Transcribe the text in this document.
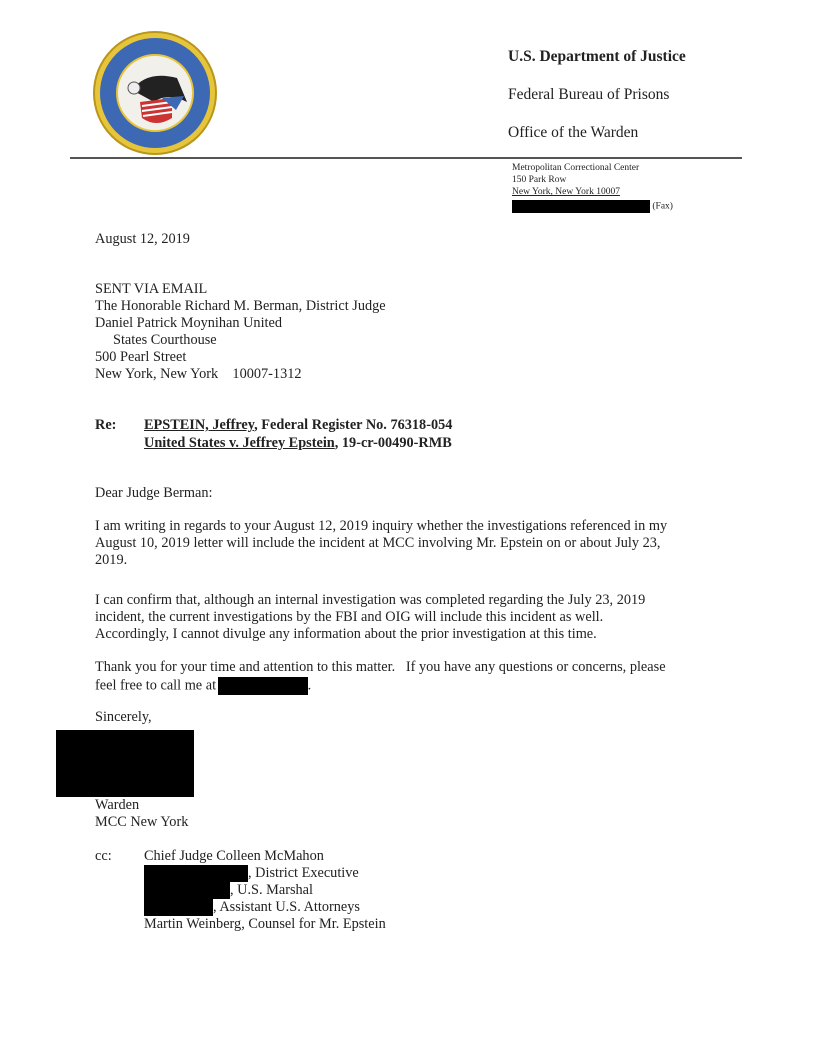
U.S. Department of Justice
Federal Bureau of Prisons
Office of the Warden
Metropolitan Correctional Center
150 Park Row
New York, New York 10007
(Fax)
August 12, 2019
SENT VIA EMAIL
The Honorable Richard M. Berman, District Judge
Daniel Patrick Moynihan United
States Courthouse
500 Pearl Street
New York, New York    10007-1312
Re: EPSTEIN, Jeffrey, Federal Register No. 76318-054
United States v. Jeffrey Epstein, 19-cr-00490-RMB
Dear Judge Berman:
I am writing in regards to your August 12, 2019 inquiry whether the investigations referenced in my
August 10, 2019 letter will include the incident at MCC involving Mr. Epstein on or about July 23,
2019.
I can confirm that, although an internal investigation was completed regarding the July 23, 2019
incident, the current investigations by the FBI and OIG will include this incident as well.
Accordingly, I cannot divulge any information about the prior investigation at this time.
Thank you for your time and attention to this matter.   If you have any questions or concerns, please
feel free to call me at	.
Sincerely,
Warden
MCC New York
cc: Chief Judge Colleen McMahon
, District Executive
, U.S. Marshal
, Assistant U.S. Attorneys
Martin Weinberg, Counsel for Mr. Epstein
